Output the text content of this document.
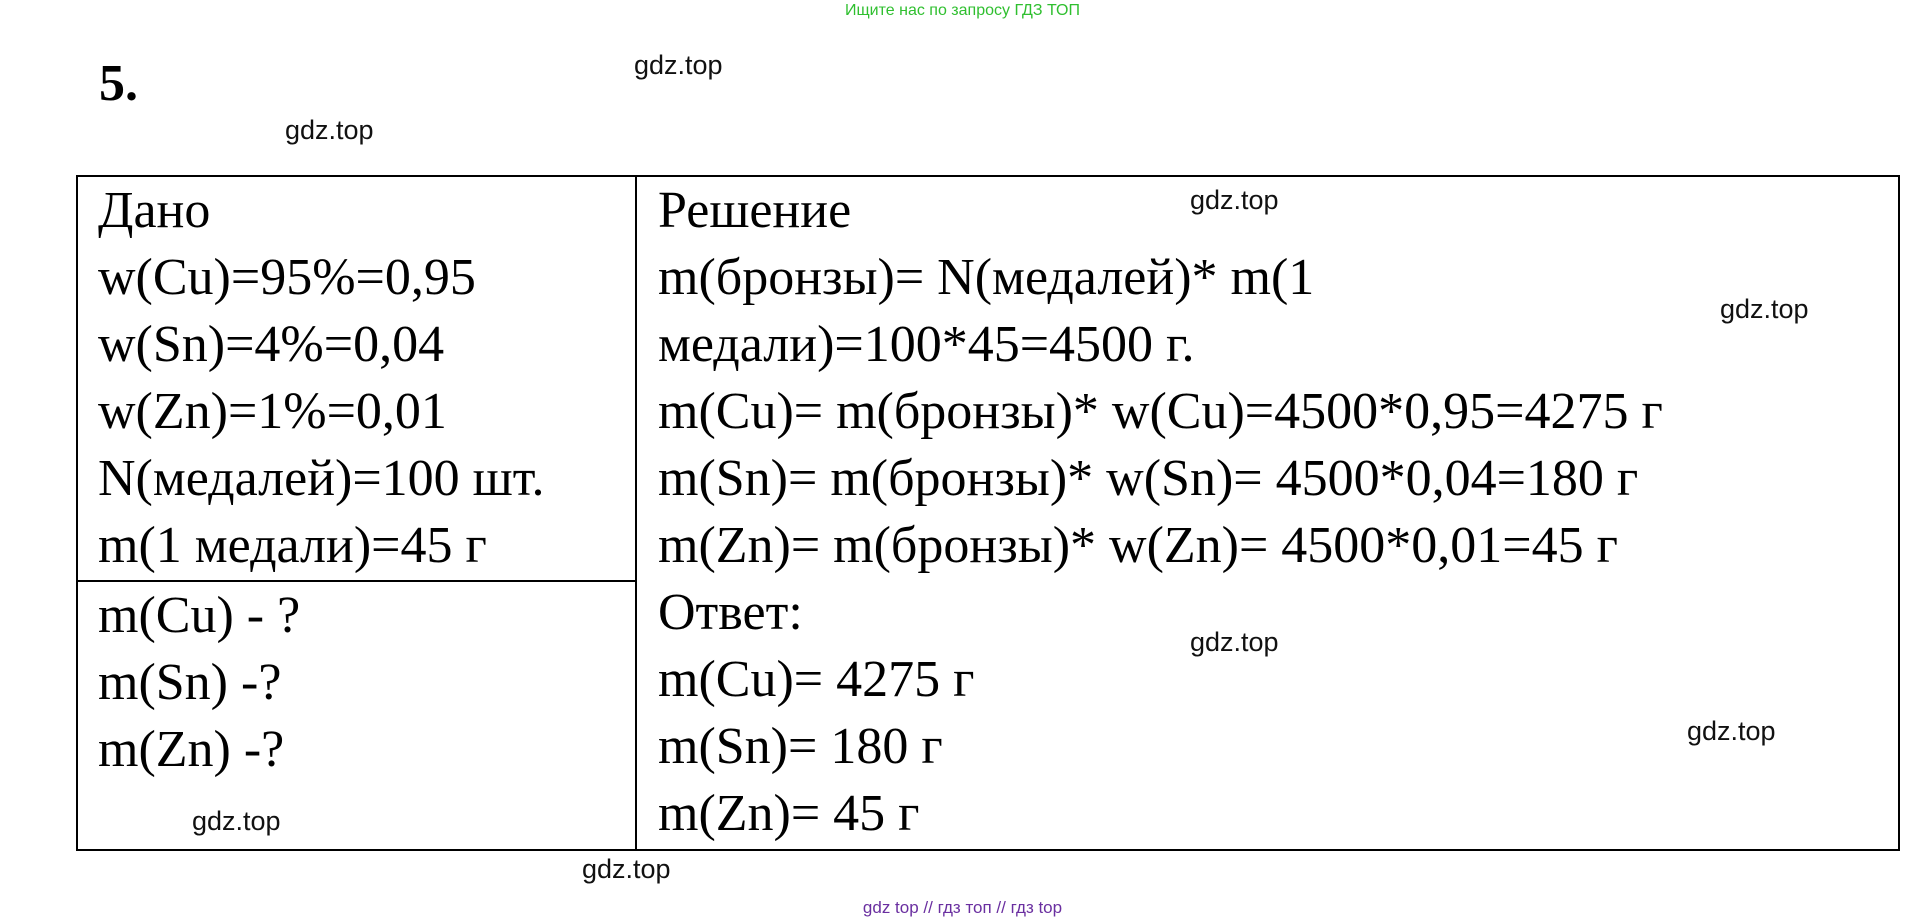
Ищите нас по запросу ГДЗ ТОП
5.	gdz.top
gdz.top
Дано
w(Cu)=95%=0,95
w(Sn)=4%=0,04
w(Zn)=1%=0,01
N(медалей)=100 шт.
m(1 медали)=45 г
m(Cu) - ?
m(Sn) -?
m(Zn) -?
Решение
m(бронзы)= N(медалей)* m(1
медали)=100*45=4500 г.
m(Cu)= m(бронзы)* w(Cu)=4500*0,95=4275 г
m(Sn)= m(бронзы)* w(Sn)= 4500*0,04=180 г
m(Zn)= m(бронзы)* w(Zn)= 4500*0,01=45 г
Ответ:
m(Cu)= 4275 г
m(Sn)= 180 г
m(Zn)= 45 г
gdz.top
gdz.top
gdz.top
gdz.top
gdz.top
gdz.top
gdz top // гдз топ // гдз top
